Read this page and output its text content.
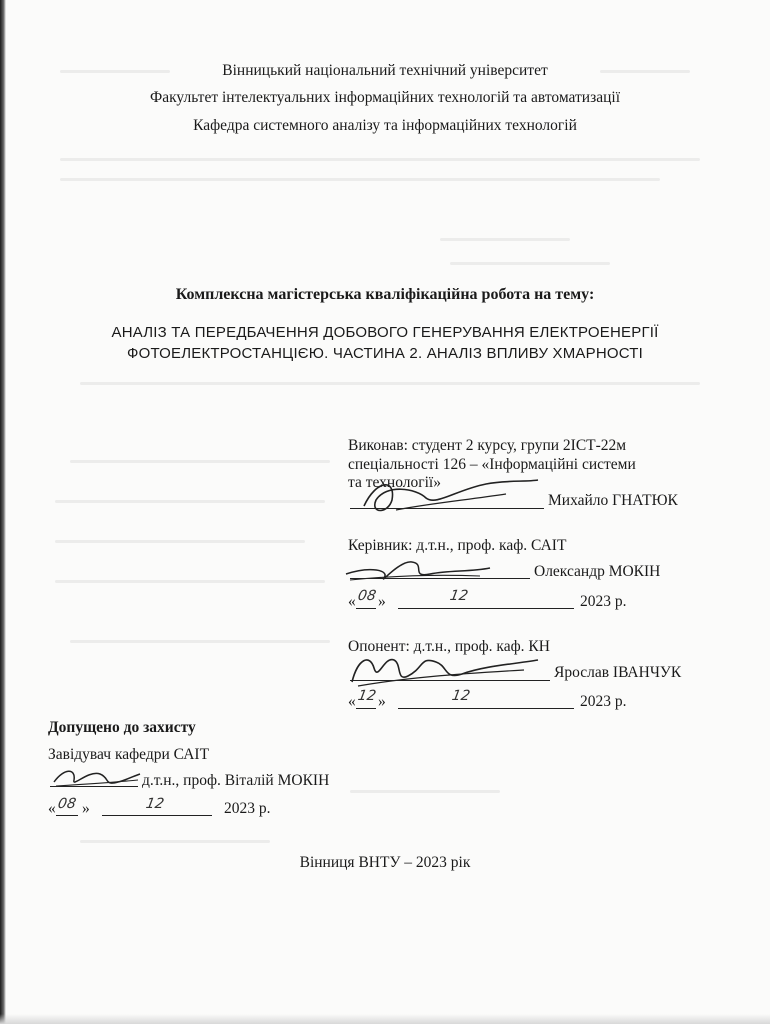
Вінницький національний технічний університет
Факультет інтелектуальних інформаційних технологій та автоматизації
Кафедра системного аналізу та інформаційних технологій
Комплексна магістерська кваліфікаційна робота на тему:
АНАЛІЗ ТА ПЕРЕДБАЧЕННЯ ДОБОВОГО ГЕНЕРУВАННЯ ЕЛЕКТРОЕНЕРГІЇ
ФОТОЕЛЕКТРОСТАНЦІЄЮ. ЧАСТИНА 2. АНАЛІЗ ВПЛИВУ ХМАРНОСТІ
Виконав: студент 2 курсу, групи 2ІСТ-22м
спеціальності 126 – «Інформаційні системи
та технології»
Михайло ГНАТЮК
Керівник: д.т.н., проф. каф. САІТ
Олександр МОКІН
« 08 »	12	2023 р.
Опонент: д.т.н., проф. каф. КН
Ярослав ІВАНЧУК
« 12 »	12	2023 р.
Допущено до захисту
Завідувач кафедри САІТ
д.т.н., проф. Віталій МОКІН
« 08 »	12	2023 р.
Вінниця ВНТУ – 2023 рік
